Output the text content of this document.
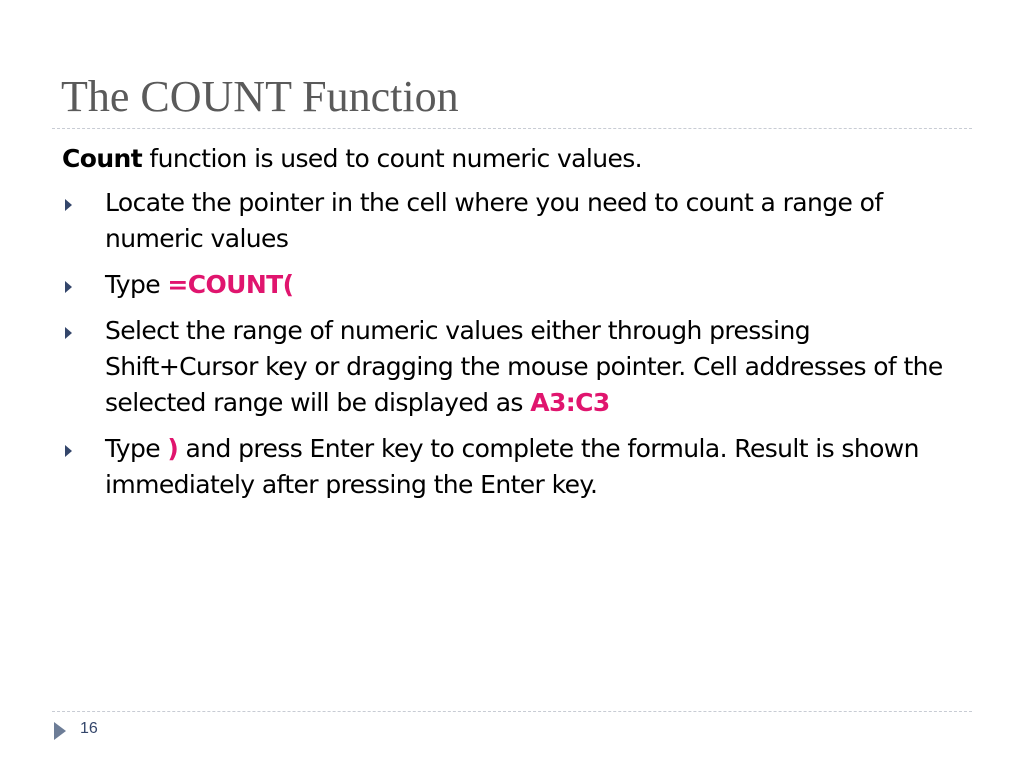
The COUNT Function

Count function is used to count numeric values.

Locate the pointer in the cell where you need to count a range of numeric values
Type =COUNT(
Select the range of numeric values either through pressing Shift+Cursor key or dragging the mouse pointer. Cell addresses of the selected range will be displayed as A3:C3
Type ) and press Enter key to complete the formula. Result is shown immediately after pressing the Enter key.
16
